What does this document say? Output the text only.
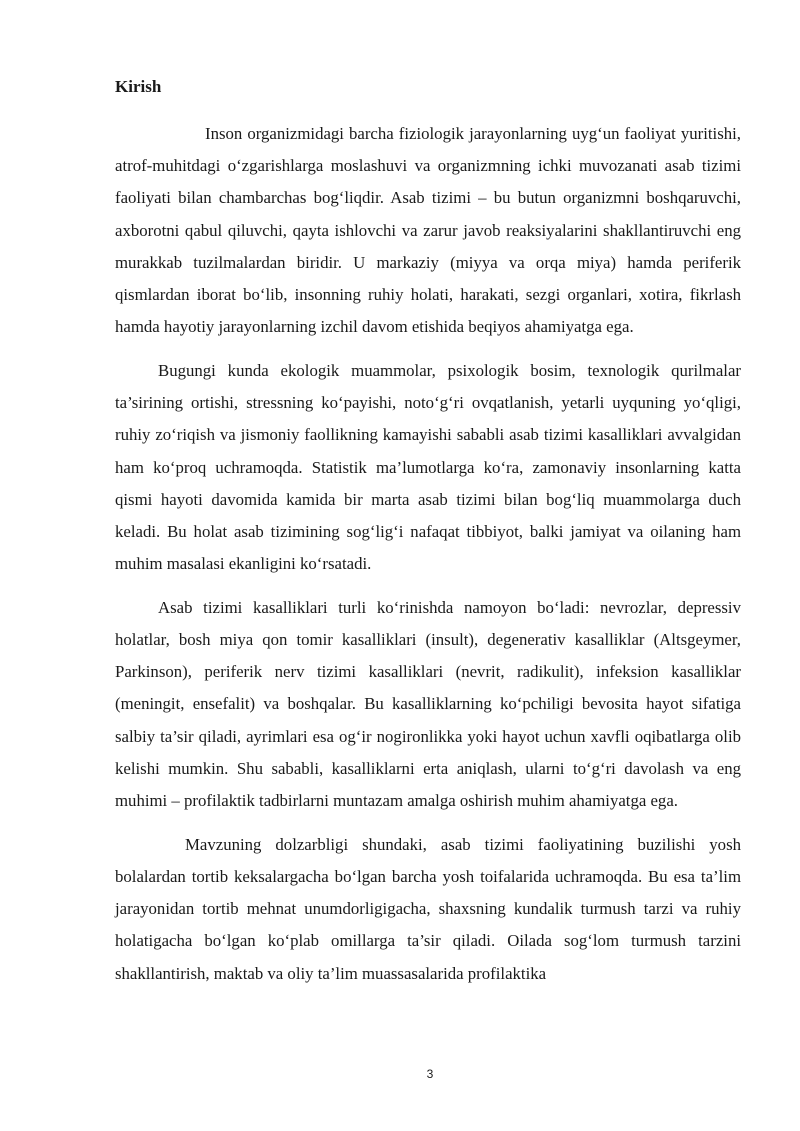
Kirish

Inson organizmidagi barcha fiziologik jarayonlarning uyg‘un faoliyat yuritishi, atrof-muhitdagi o‘zgarishlarga moslashuvi va organizmning ichki muvozanati asab tizimi faoliyati bilan chambarchas bog‘liqdir. Asab tizimi – bu butun organizmni boshqaruvchi, axborotni qabul qiluvchi, qayta ishlovchi va zarur javob reaksiyalarini shakllantiruvchi eng murakkab tuzilmalardan biridir. U markaziy (miyya va orqa miya) hamda periferik qismlardan iborat bo‘lib, insonning ruhiy holati, harakati, sezgi organlari, xotira, fikrlash hamda hayotiy jarayonlarning izchil davom etishida beqiyos ahamiyatga ega.

Bugungi kunda ekologik muammolar, psixologik bosim, texnologik qurilmalar ta’sirining ortishi, stressning ko‘payishi, noto‘g‘ri ovqatlanish, yetarli uyquning yo‘qligi, ruhiy zo‘riqish va jismoniy faollikning kamayishi sababli asab tizimi kasalliklari avvalgidan ham ko‘proq uchramoqda. Statistik ma’lumotlarga ko‘ra, zamonaviy insonlarning katta qismi hayoti davomida kamida bir marta asab tizimi bilan bog‘liq muammolarga duch keladi. Bu holat asab tizimining sog‘lig‘i nafaqat tibbiyot, balki jamiyat va oilaning ham muhim masalasi ekanligini ko‘rsatadi.

Asab tizimi kasalliklari turli ko‘rinishda namoyon bo‘ladi: nevrozlar, depressiv holatlar, bosh miya qon tomir kasalliklari (insult), degenerativ kasalliklar (Altsgeymer, Parkinson), periferik nerv tizimi kasalliklari (nevrit, radikulit), infeksion kasalliklar (meningit, ensefalit) va boshqalar. Bu kasalliklarning ko‘pchiligi bevosita hayot sifatiga salbiy ta’sir qiladi, ayrimlari esa og‘ir nogironlikka yoki hayot uchun xavfli oqibatlarga olib kelishi mumkin. Shu sababli, kasalliklarni erta aniqlash, ularni to‘g‘ri davolash va eng muhimi – profilaktik tadbirlarni muntazam amalga oshirish muhim ahamiyatga ega.

Mavzuning dolzarbligi shundaki, asab tizimi faoliyatining buzilishi yosh bolalardan tortib keksalargacha bo‘lgan barcha yosh toifalarida uchramoqda. Bu esa ta’lim jarayonidan tortib mehnat unumdorligigacha, shaxsning kundalik turmush tarzi va ruhiy holatigacha bo‘lgan ko‘plab omillarga ta’sir qiladi. Oilada sog‘lom turmush tarzini shakllantirish, maktab va oliy ta’lim muassasalarida profilaktika

3
